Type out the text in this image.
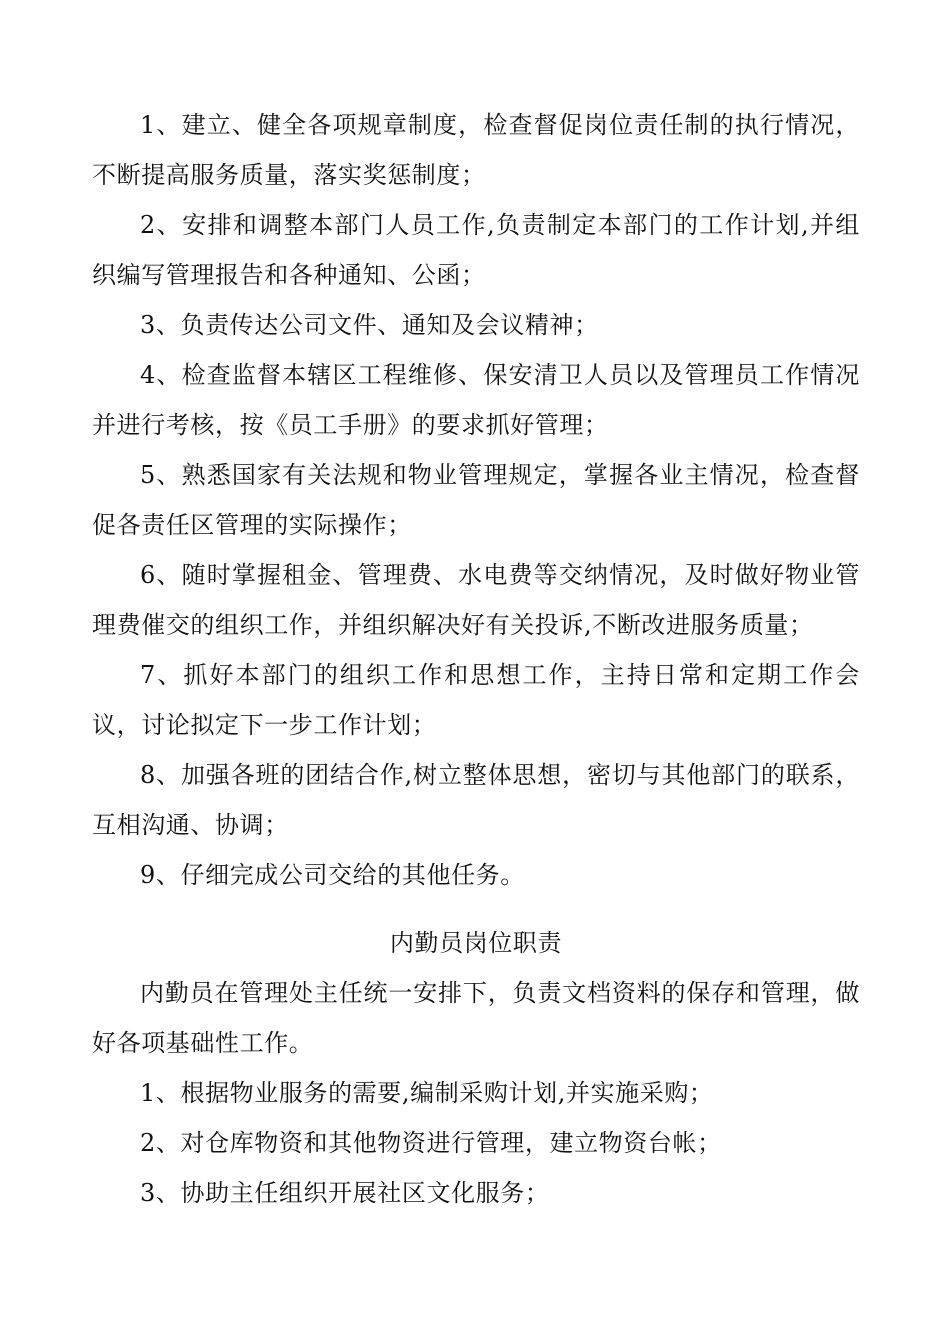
1、建立、健全各项规章制度，检查督促岗位责任制的执行情况，不断提高服务质量，落实奖惩制度；

2、安排和调整本部门人员工作,负责制定本部门的工作计划,并组织编写管理报告和各种通知、公函；

3、负责传达公司文件、通知及会议精神；

4、检查监督本辖区工程维修、保安清卫人员以及管理员工作情况并进行考核，按《员工手册》的要求抓好管理；

5、熟悉国家有关法规和物业管理规定，掌握各业主情况，检查督促各责任区管理的实际操作；

6、随时掌握租金、管理费、水电费等交纳情况，及时做好物业管理费催交的组织工作，并组织解决好有关投诉,不断改进服务质量；

7、抓好本部门的组织工作和思想工作，主持日常和定期工作会议，讨论拟定下一步工作计划；

8、加强各班的团结合作,树立整体思想，密切与其他部门的联系，互相沟通、协调；

9、仔细完成公司交给的其他任务。

内勤员岗位职责

内勤员在管理处主任统一安排下，负责文档资料的保存和管理，做好各项基础性工作。

1、根据物业服务的需要,编制采购计划,并实施采购；

2、对仓库物资和其他物资进行管理，建立物资台帐；

3、协助主任组织开展社区文化服务；
